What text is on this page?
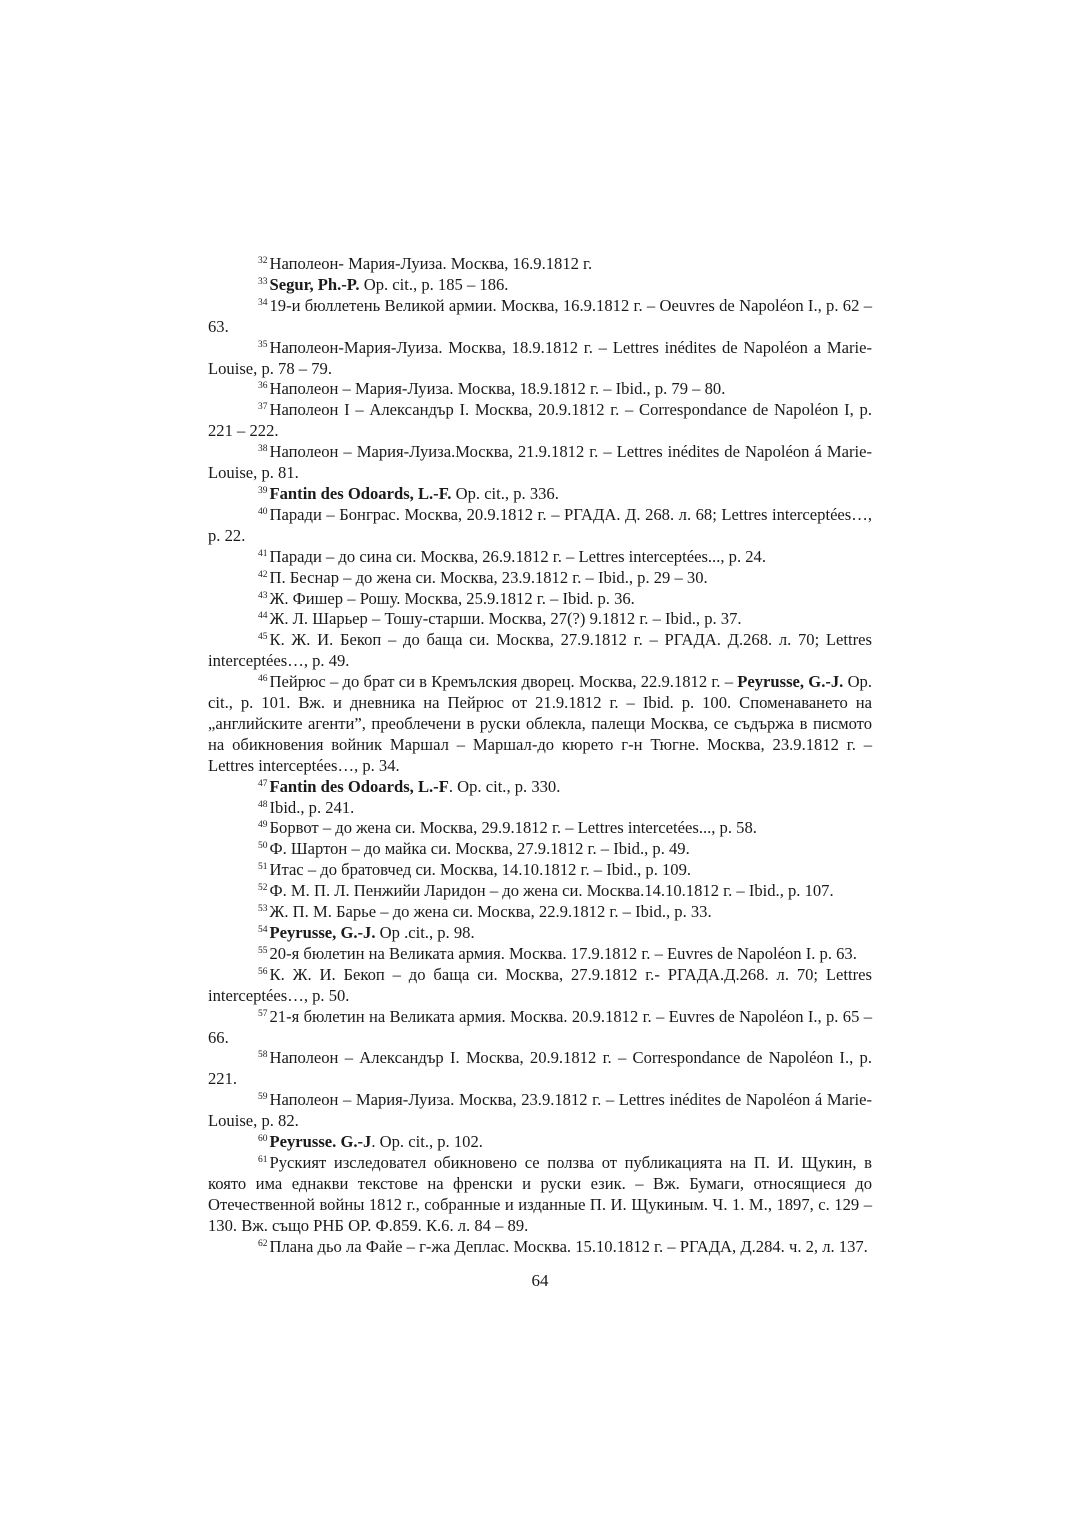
$^{32}$ Наполеон- Мария-Луиза. Москва, 16.9.1812 г.
$^{33}$ Segur, Ph.-P. Op. cit., p. 185 – 186.
$^{34}$ 19-и бюллетень Великой армии. Москва, 16.9.1812 г. – Oeuvres de Napoléon I., p. 62 – 63.
$^{35}$ Наполеон-Мария-Луиза. Москва, 18.9.1812 г. – Lettres inédites de Napoléon a Marie-Louise, p. 78 – 79.
$^{36}$ Наполеон – Мария-Луиза. Москва, 18.9.1812 г. – Ibid., p. 79 – 80.
$^{37}$ Наполеон I – Александър I. Москва, 20.9.1812 г. – Correspondance de Napoléon I, p. 221 – 222.
$^{38}$ Наполеон – Мария-Луиза.Москва, 21.9.1812 г. – Lettres inédites de Napoléon á Marie-Louise, p. 81.
$^{39}$ Fantin des Odoards, L.-F. Op. cit., p. 336.
$^{40}$ Паради – Бонграс. Москва, 20.9.1812 г. – РГАДА. Д. 268. л. 68; Lettres interceptées…, p. 22.
$^{41}$ Паради – до сина си. Москва, 26.9.1812 г. – Lettres interceptées..., p. 24.
$^{42}$ П. Беснар – до жена си. Москва, 23.9.1812 г. – Ibid., p. 29 – 30.
$^{43}$ Ж. Фишер – Рошу. Москва, 25.9.1812 г. – Ibid. p. 36.
$^{44}$ Ж. Л. Шарьер – Тошу-старши. Москва, 27(?) 9.1812 г. – Ibid., p. 37.
$^{45}$ К. Ж. И. Бекоп – до баща си. Москва, 27.9.1812 г. – РГАДА. Д.268. л. 70; Lettres interceptées…, p. 49.
$^{46}$ Пейрюс – до брат си в Кремълския дворец. Москва, 22.9.1812 г. – Peyrusse, G.-J. Op. cit., p. 101. Вж. и дневника на Пейрюс от 21.9.1812 г. – Ibid. p. 100. Споменаването на „английските агенти”, преоблечени в руски облекла, палещи Москва, се съдържа в писмото на обикновения войник Маршал – Маршал-до кюрето г-н Тюгне. Москва, 23.9.1812 г. – Lettres interceptées…, p. 34.
$^{47}$ Fantin des Odoards, L.-F. Op. cit., p. 330.
$^{48}$ Ibid., p. 241.
$^{49}$ Борвот – до жена си. Москва, 29.9.1812 г. – Lettres intercetées..., p. 58.
$^{50}$ Ф. Шартон – до майка си. Москва, 27.9.1812 г. – Ibid., p. 49.
$^{51}$ Итас – до братовчед си. Москва, 14.10.1812 г. – Ibid., p. 109.
$^{52}$ Ф. М. П. Л. Пенжийи Ларидон – до жена си. Москва.14.10.1812 г. – Ibid., p. 107.
$^{53}$ Ж. П. М. Барье – до жена си. Москва, 22.9.1812 г. – Ibid., p. 33.
$^{54}$ Peyrusse, G.-J. Op .cit., p. 98.
$^{55}$ 20-я бюлетин на Великата армия. Москва. 17.9.1812 г. – Euvres de Napoléon I. p. 63.
$^{56}$ К. Ж. И. Бекоп – до баща си. Москва, 27.9.1812 г.- РГАДА.Д.268. л. 70; Lettres interceptées…, p. 50.
$^{57}$ 21-я бюлетин на Великата армия. Москва. 20.9.1812 г. – Euvres de Napoléon I., p. 65 – 66.
$^{58}$ Наполеон – Александър I. Москва, 20.9.1812 г. – Correspondance de Napoléon I., p. 221.
$^{59}$ Наполеон – Мария-Луиза. Москва, 23.9.1812 г. – Lettres inédites de Napoléon á Marie-Louise, p. 82.
$^{60}$ Peyrusse. G.-J. Op. cit., p. 102.
$^{61}$ Руският изследовател обикновено се ползва от публикацията на П. И. Щукин, в която има еднакви текстове на френски и руски език. – Вж. Бумаги, относящиеся до Отечественной войны 1812 г., собранные и изданные П. И. Щукиным. Ч. 1. М., 1897, с. 129 – 130. Вж. също РНБ ОР. Ф.859. К.6. л. 84 – 89.
$^{62}$ Плана дьо ла Файе – г-жа Деплас. Москва. 15.10.1812 г. – РГАДА, Д.284. ч. 2, л. 137.
64
